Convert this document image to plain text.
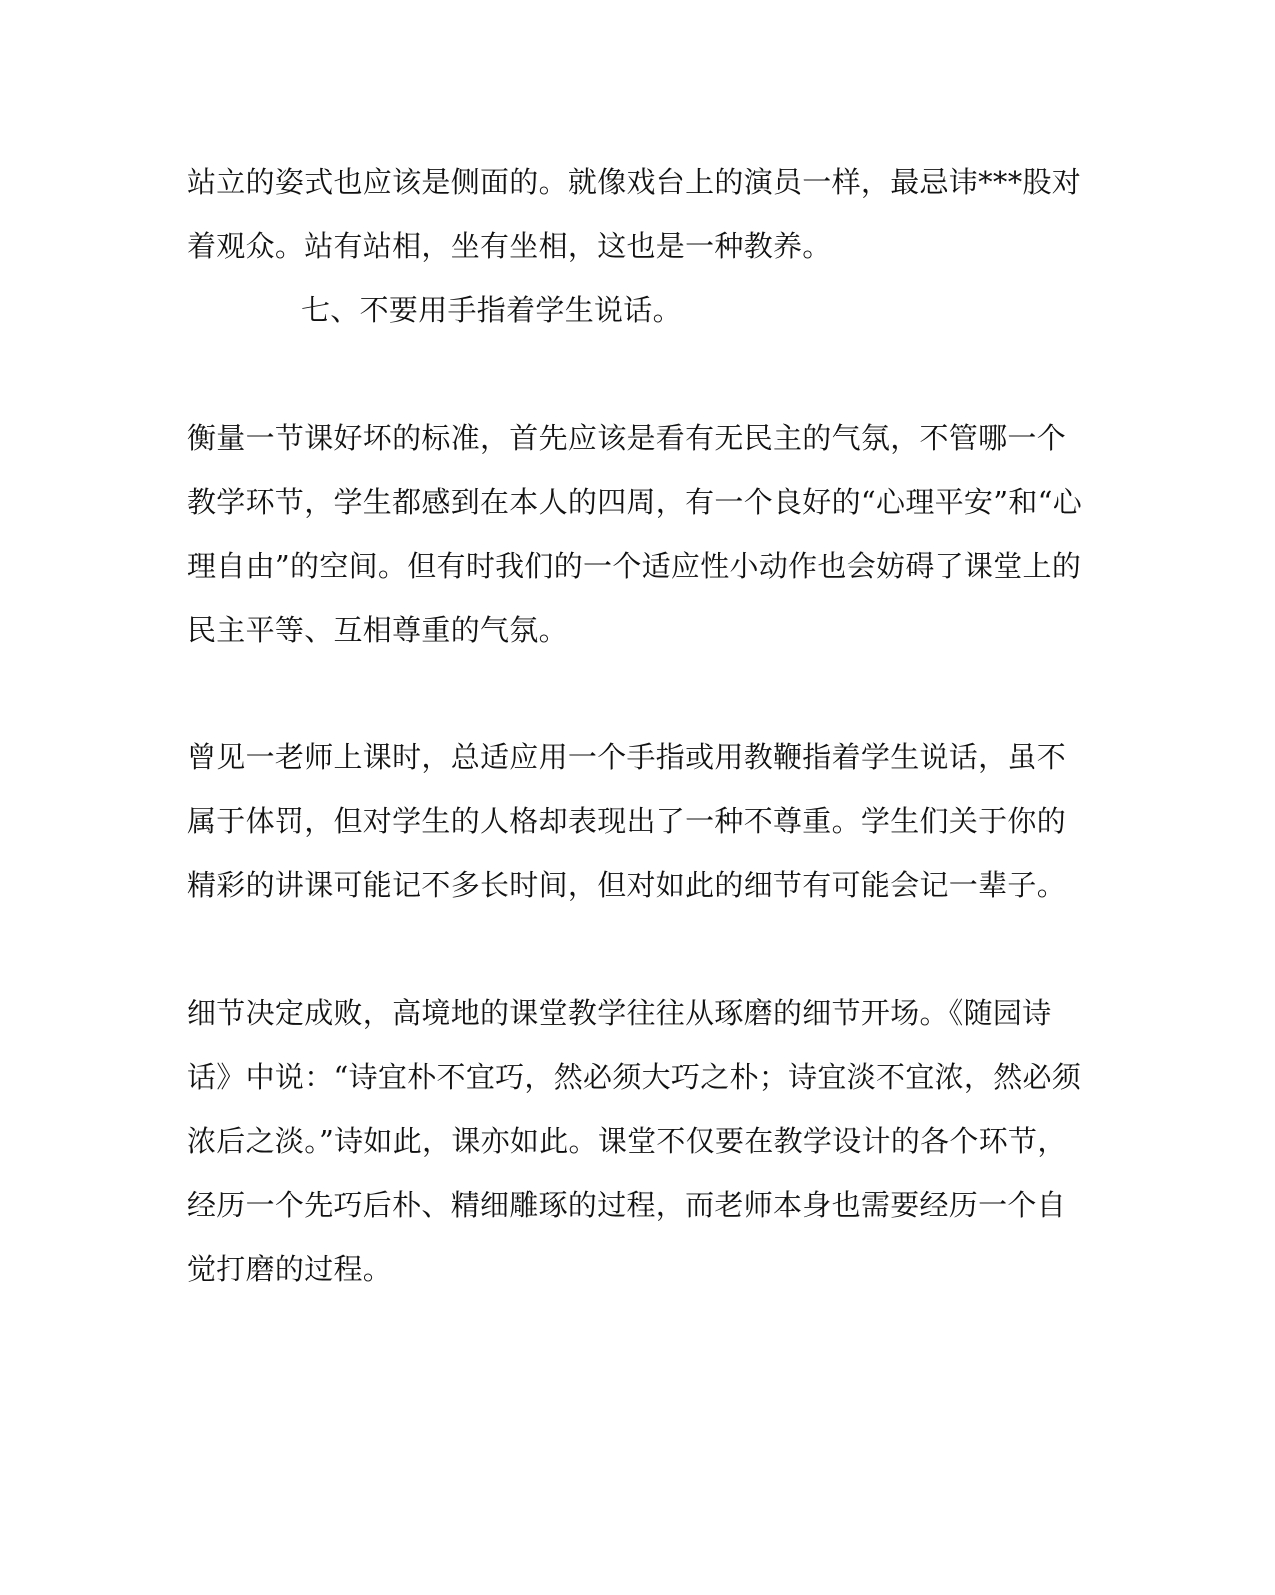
站立的姿式也应该是侧面的。就像戏台上的演员一样，最忌讳***股对
着观众。站有站相，坐有坐相，这也是一种教养。
七、不要用手指着学生说话。
衡量一节课好坏的标准，首先应该是看有无民主的气氛，不管哪一个
教学环节，学生都感到在本人的四周，有一个良好的“心理平安”和“心
理自由”的空间。但有时我们的一个适应性小动作也会妨碍了课堂上的
民主平等、互相尊重的气氛。
曾见一老师上课时，总适应用一个手指或用教鞭指着学生说话，虽不
属于体罚，但对学生的人格却表现出了一种不尊重。学生们关于你的
精彩的讲课可能记不多长时间，但对如此的细节有可能会记一辈子。
细节决定成败，高境地的课堂教学往往从琢磨的细节开场。《随园诗
话》中说：“诗宜朴不宜巧，然必须大巧之朴；诗宜淡不宜浓，然必须
浓后之淡。”诗如此，课亦如此。课堂不仅要在教学设计的各个环节，
经历一个先巧后朴、精细雕琢的过程，而老师本身也需要经历一个自
觉打磨的过程。
